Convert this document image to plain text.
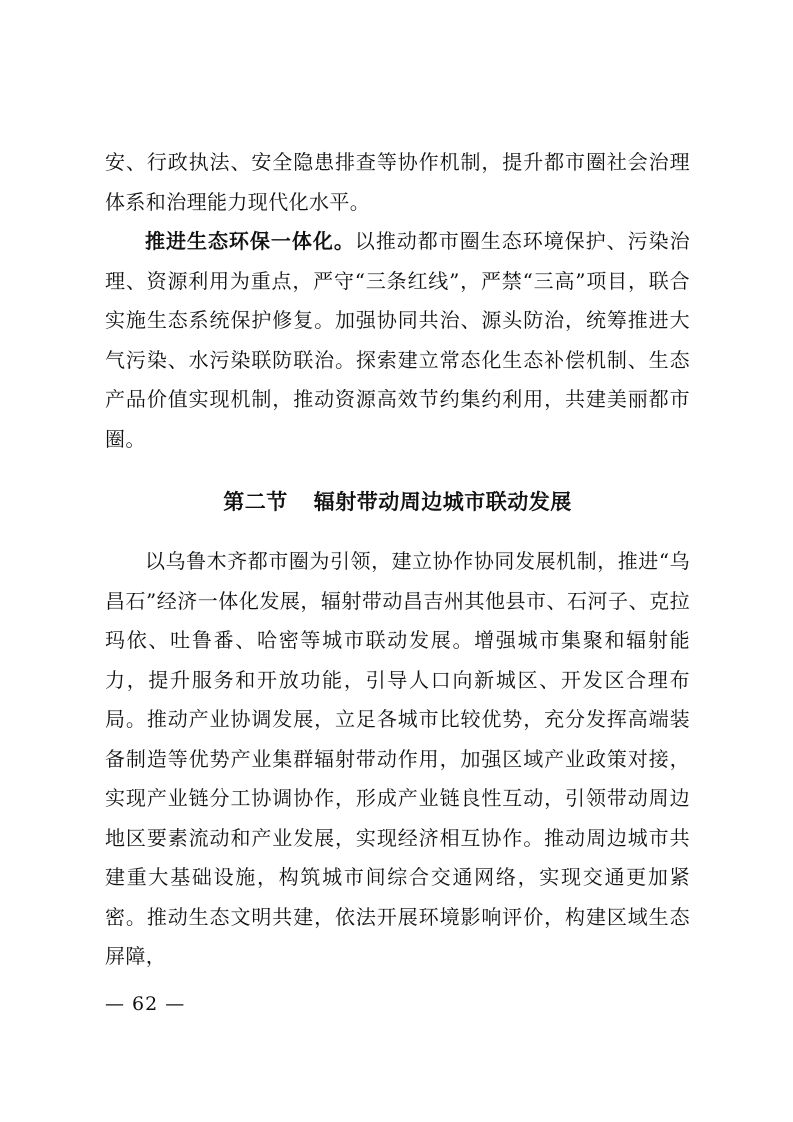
安、行政执法、安全隐患排查等协作机制，提升都市圈社会治理体系和治理能力现代化水平。

推进生态环保一体化。以推动都市圈生态环境保护、污染治理、资源利用为重点，严守“三条红线”，严禁“三高”项目，联合实施生态系统保护修复。加强协同共治、源头防治，统筹推进大气污染、水污染联防联治。探索建立常态化生态补偿机制、生态产品价值实现机制，推动资源高效节约集约利用，共建美丽都市圈。

第二节 辐射带动周边城市联动发展

以乌鲁木齐都市圈为引领，建立协作协同发展机制，推进“乌昌石”经济一体化发展，辐射带动昌吉州其他县市、石河子、克拉玛依、吐鲁番、哈密等城市联动发展。增强城市集聚和辐射能力，提升服务和开放功能，引导人口向新城区、开发区合理布局。推动产业协调发展，立足各城市比较优势，充分发挥高端装备制造等优势产业集群辐射带动作用，加强区域产业政策对接，实现产业链分工协调协作，形成产业链良性互动，引领带动周边地区要素流动和产业发展，实现经济相互协作。推动周边城市共建重大基础设施，构筑城市间综合交通网络，实现交通更加紧密。推动生态文明共建，依法开展环境影响评价，构建区域生态屏障，

— 62 —
